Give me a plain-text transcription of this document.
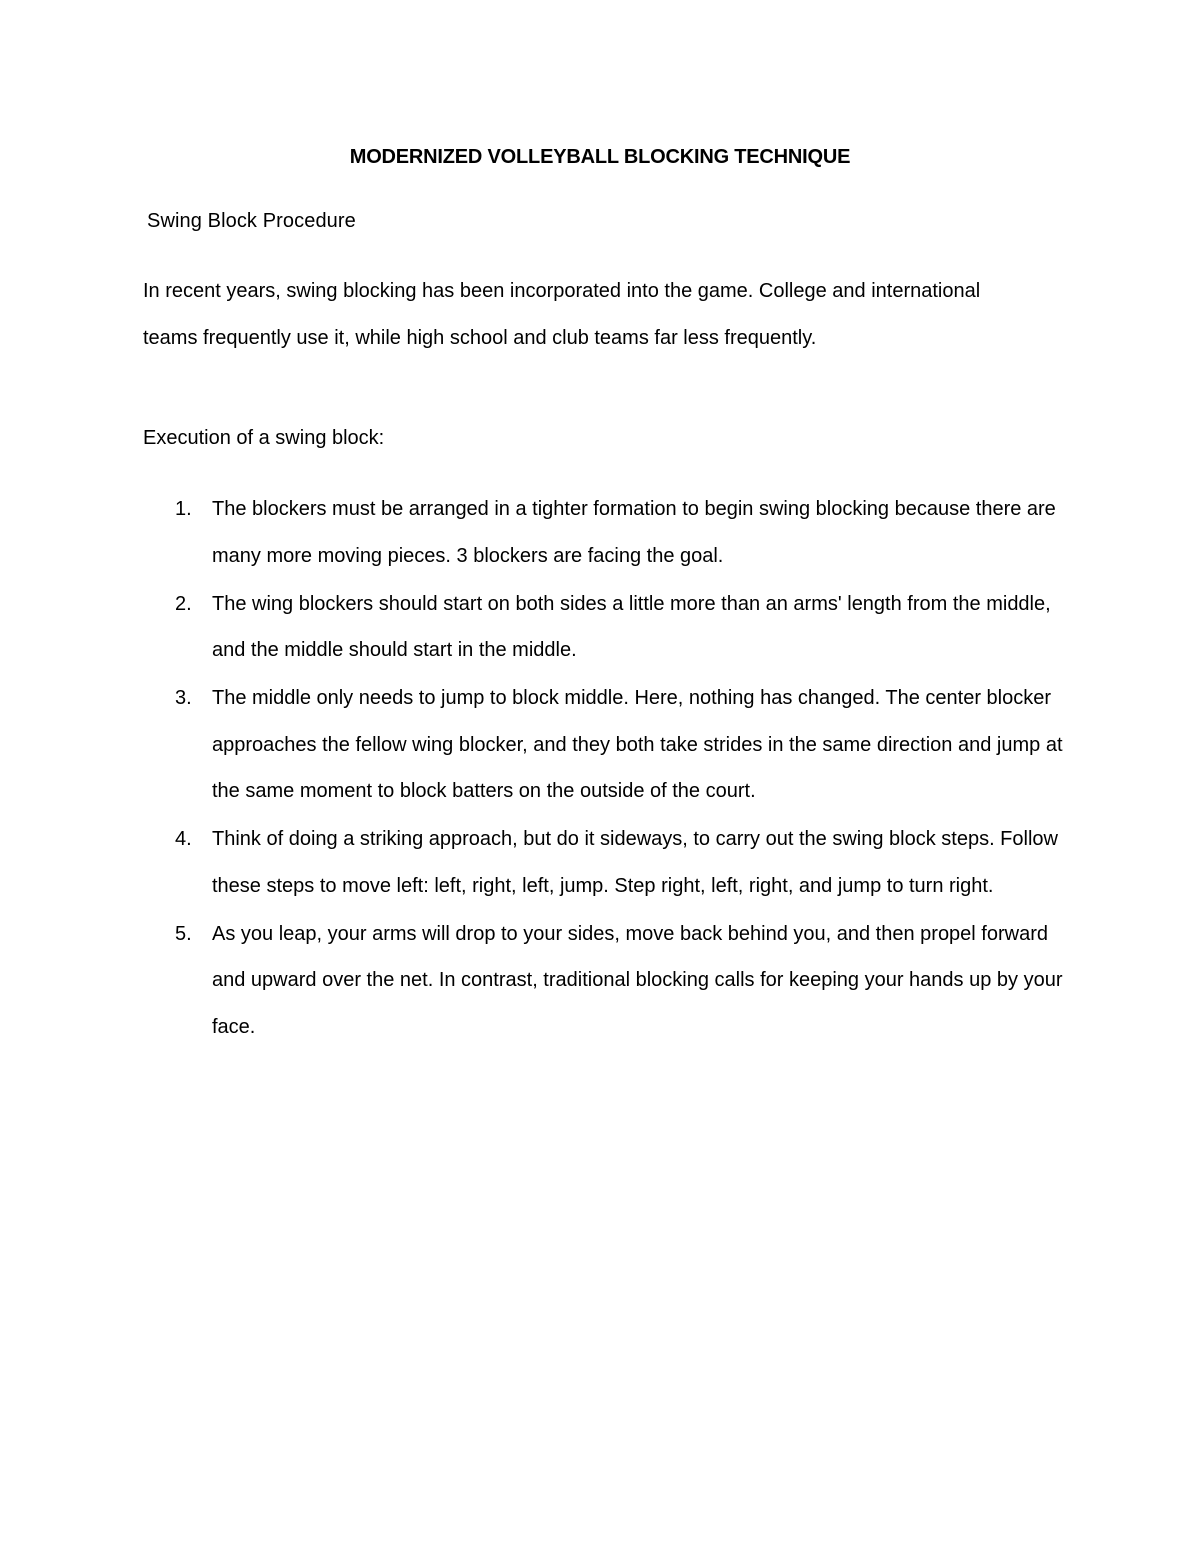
MODERNIZED VOLLEYBALL BLOCKING TECHNIQUE
Swing Block Procedure

In recent years, swing blocking has been incorporated into the game. College and international teams frequently use it, while high school and club teams far less frequently.

Execution of a swing block:
1. The blockers must be arranged in a tighter formation to begin swing blocking because there are many more moving pieces. 3 blockers are facing the goal.
2. The wing blockers should start on both sides a little more than an arms' length from the middle, and the middle should start in the middle.
3. The middle only needs to jump to block middle. Here, nothing has changed. The center blocker approaches the fellow wing blocker, and they both take strides in the same direction and jump at the same moment to block batters on the outside of the court.
4. Think of doing a striking approach, but do it sideways, to carry out the swing block steps. Follow these steps to move left: left, right, left, jump. Step right, left, right, and jump to turn right.
5. As you leap, your arms will drop to your sides, move back behind you, and then propel forward and upward over the net. In contrast, traditional blocking calls for keeping your hands up by your face.
